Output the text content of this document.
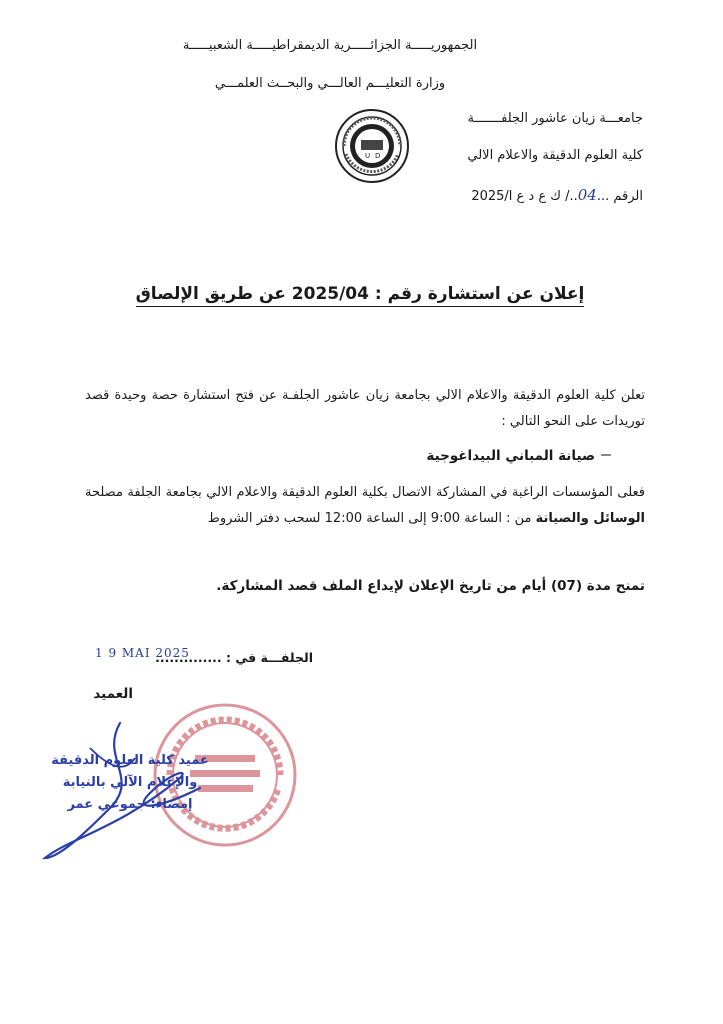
الجمهوريـــــة الجزائـــــرية الديمقراطيـــــة الشعبيـــــة
وزارة التعليـــم العالـــي والبحــث العلمـــي
U D
جامعـــة زيان عاشور الجلفـــــــة
كلية العلوم الدقيقة والاعلام الالي
الرقم ...04../ ك ع د ع ا/2025
إعلان عن استشارة رقم : 2025/04 عن طريق الإلصاق
تعلن كلية العلوم الدقيقة والاعلام الالي بجامعة زيان عاشور الجلفـة عن فتح استشارة حصة وحيدة قصد توريدات على النحو التالي :
صيانة المباني البيداغوجية
فعلى المؤسسات الراغبة في المشاركة الاتصال بكلية العلوم الدقيقة والاعلام الالي بجامعة الجلفة مصلحة الوسائل والصيانة من : الساعة 9:00 إلى الساعة 12:00 لسحب دفتر الشروط
تمنح مدة (07) أيام من تاريخ الإعلان لإيداع الملف قصد المشاركة.
الجلفـــة في : ..............
1 9 MAI 2025
العميد
عميد كلية العلوم الدقيقة
والإعلام الآلي بالنيابة
إمضاء: جموعي عمر
